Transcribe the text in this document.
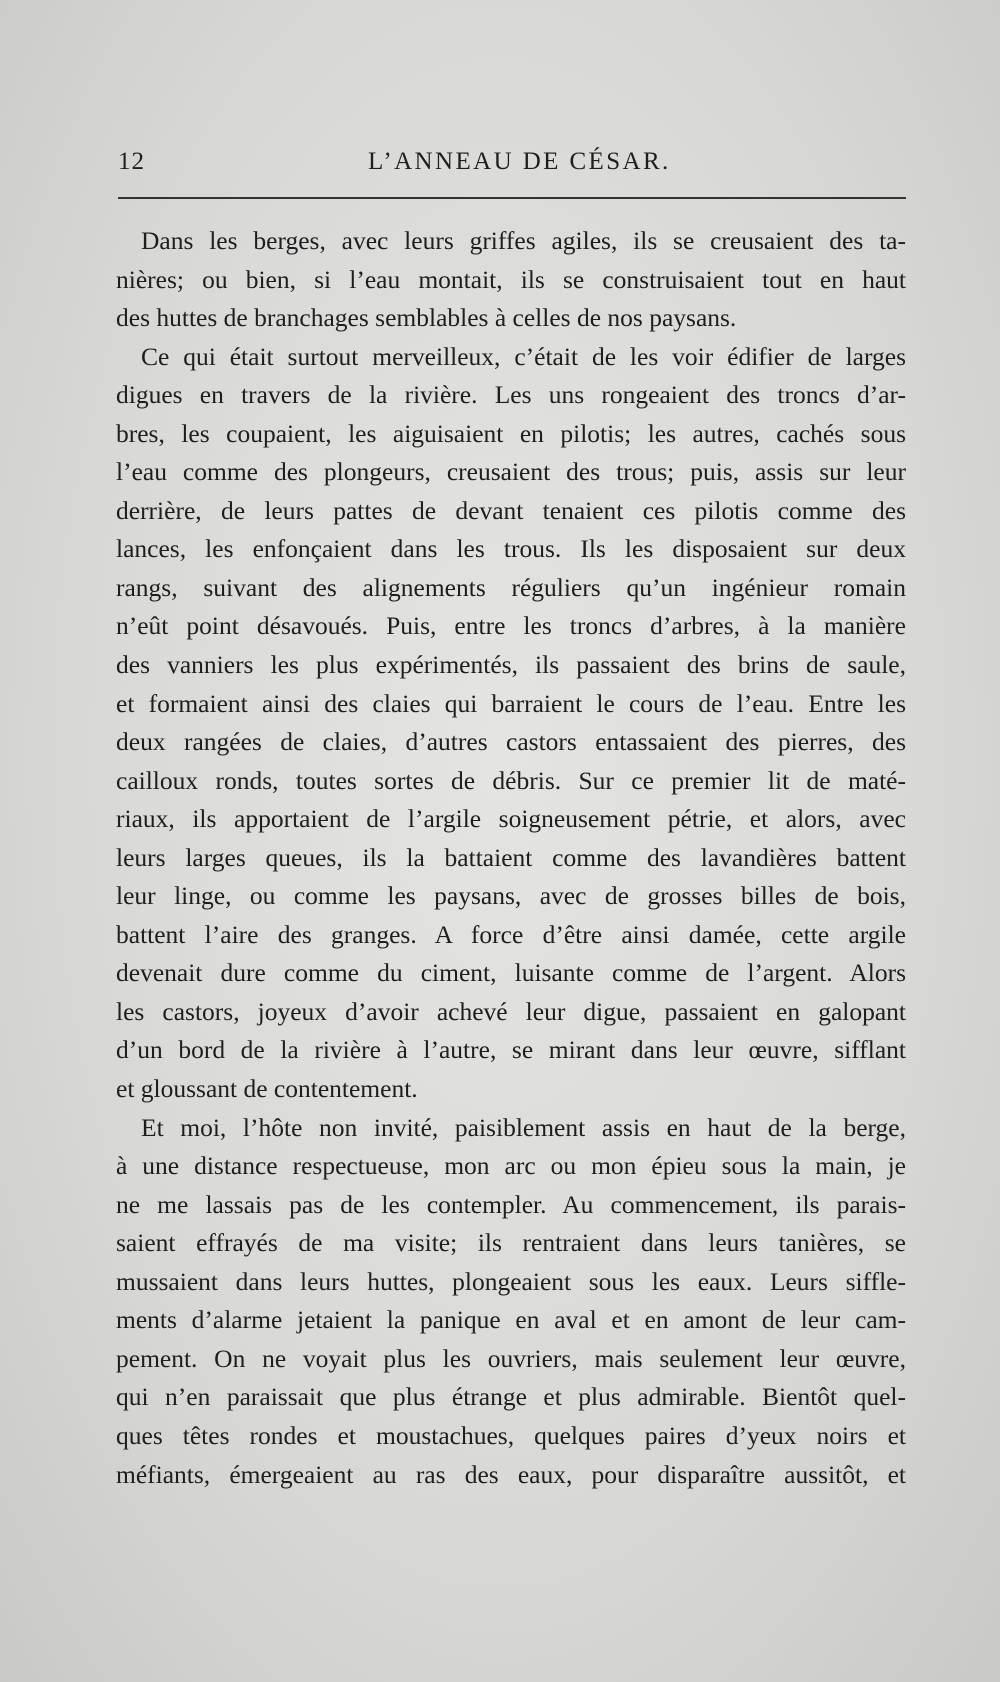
12	L’ANNEAU DE CÉSAR.
Dans les berges, avec leurs griffes agiles, ils se creusaient des ta-
nières; ou bien, si l’eau montait, ils se construisaient tout en haut
des huttes de branchages semblables à celles de nos paysans.
Ce qui était surtout merveilleux, c’était de les voir édifier de larges
digues en travers de la rivière. Les uns rongeaient des troncs d’ar-
bres, les coupaient, les aiguisaient en pilotis; les autres, cachés sous
l’eau comme des plongeurs, creusaient des trous; puis, assis sur leur
derrière, de leurs pattes de devant tenaient ces pilotis comme des
lances, les enfonçaient dans les trous. Ils les disposaient sur deux
rangs, suivant des alignements réguliers qu’un ingénieur romain
n’eût point désavoués. Puis, entre les troncs d’arbres, à la manière
des vanniers les plus expérimentés, ils passaient des brins de saule,
et formaient ainsi des claies qui barraient le cours de l’eau. Entre les
deux rangées de claies, d’autres castors entassaient des pierres, des
cailloux ronds, toutes sortes de débris. Sur ce premier lit de maté-
riaux, ils apportaient de l’argile soigneusement pétrie, et alors, avec
leurs larges queues, ils la battaient comme des lavandières battent
leur linge, ou comme les paysans, avec de grosses billes de bois,
battent l’aire des granges. A force d’être ainsi damée, cette argile
devenait dure comme du ciment, luisante comme de l’argent. Alors
les castors, joyeux d’avoir achevé leur digue, passaient en galopant
d’un bord de la rivière à l’autre, se mirant dans leur œuvre, sifflant
et gloussant de contentement.
Et moi, l’hôte non invité, paisiblement assis en haut de la berge,
à une distance respectueuse, mon arc ou mon épieu sous la main, je
ne me lassais pas de les contempler. Au commencement, ils parais-
saient effrayés de ma visite; ils rentraient dans leurs tanières, se
mussaient dans leurs huttes, plongeaient sous les eaux. Leurs siffle-
ments d’alarme jetaient la panique en aval et en amont de leur cam-
pement. On ne voyait plus les ouvriers, mais seulement leur œuvre,
qui n’en paraissait que plus étrange et plus admirable. Bientôt quel-
ques têtes rondes et moustachues, quelques paires d’yeux noirs et
méfiants, émergeaient au ras des eaux, pour disparaître aussitôt, et
